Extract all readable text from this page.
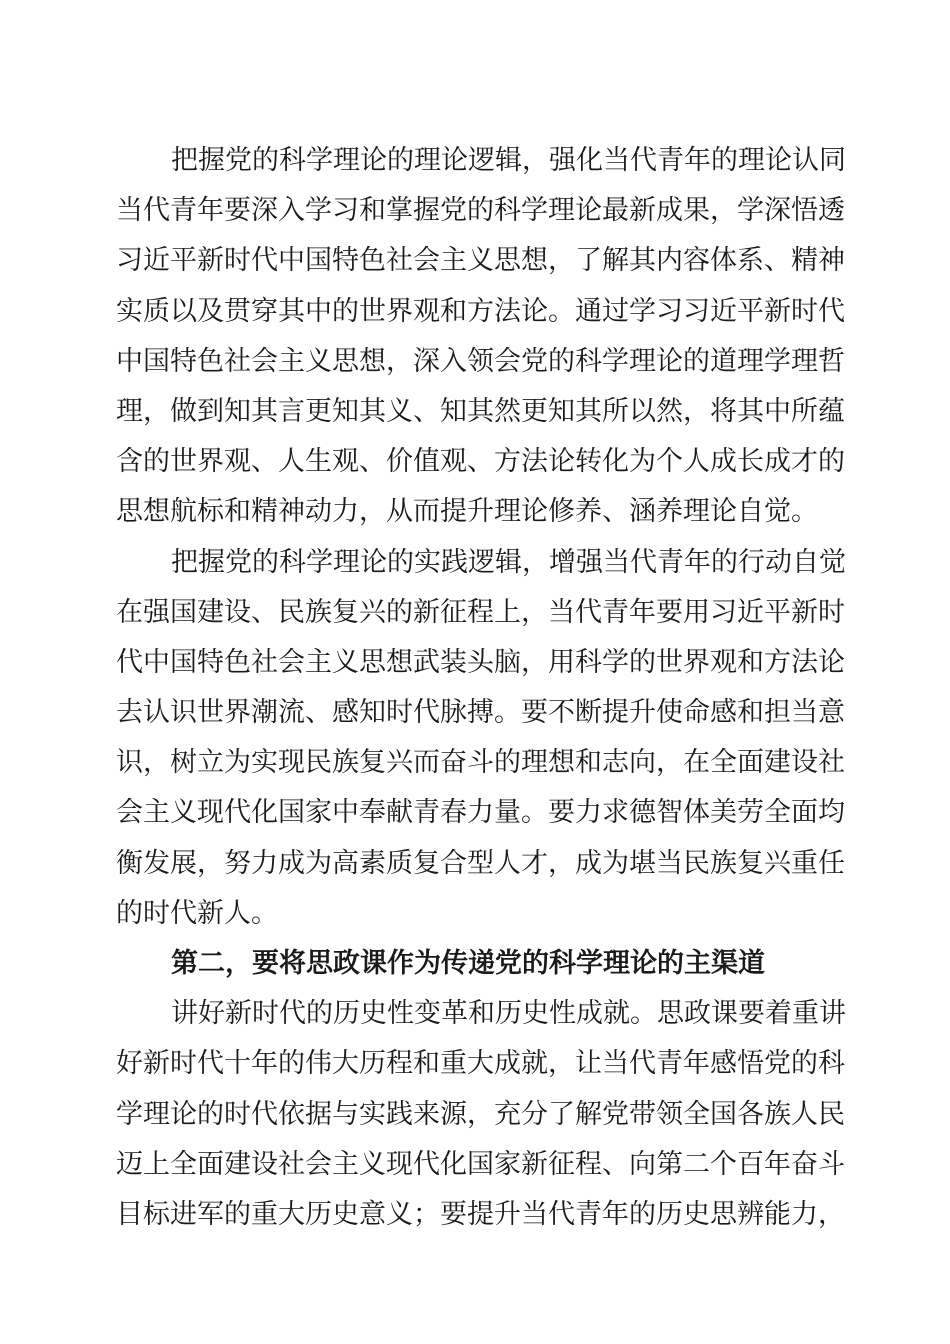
把握党的科学理论的理论逻辑，强化当代青年的理论认同
当代青年要深入学习和掌握党的科学理论最新成果，学深悟透
习近平新时代中国特色社会主义思想，了解其内容体系、精神
实质以及贯穿其中的世界观和方法论。通过学习习近平新时代
中国特色社会主义思想，深入领会党的科学理论的道理学理哲
理，做到知其言更知其义、知其然更知其所以然，将其中所蕴
含的世界观、人生观、价值观、方法论转化为个人成长成才的
思想航标和精神动力，从而提升理论修养、涵养理论自觉。
把握党的科学理论的实践逻辑，增强当代青年的行动自觉
在强国建设、民族复兴的新征程上，当代青年要用习近平新时
代中国特色社会主义思想武装头脑，用科学的世界观和方法论
去认识世界潮流、感知时代脉搏。要不断提升使命感和担当意
识，树立为实现民族复兴而奋斗的理想和志向，在全面建设社
会主义现代化国家中奉献青春力量。要力求德智体美劳全面均
衡发展，努力成为高素质复合型人才，成为堪当民族复兴重任
的时代新人。
第二，要将思政课作为传递党的科学理论的主渠道
讲好新时代的历史性变革和历史性成就。思政课要着重讲
好新时代十年的伟大历程和重大成就，让当代青年感悟党的科
学理论的时代依据与实践来源，充分了解党带领全国各族人民
迈上全面建设社会主义现代化国家新征程、向第二个百年奋斗
目标进军的重大历史意义；要提升当代青年的历史思辨能力，
